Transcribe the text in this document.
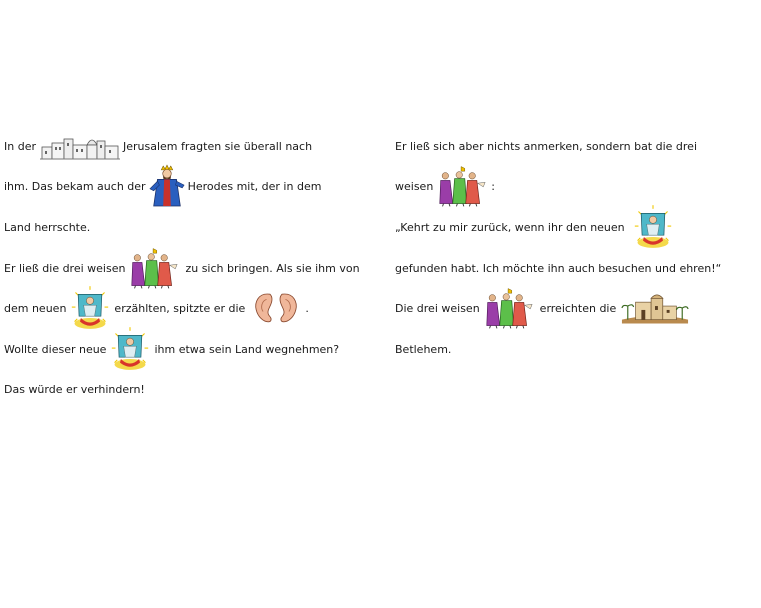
In der	Jerusalem fragten sie überall nach
ihm. Das bekam auch der	Herodes mit, der in dem
Land herrschte.
Er ließ die drei weisen	zu sich bringen. Als sie ihm von
dem neuen	erzählten, spitzte er die	.
Wollte dieser neue	ihm etwa sein Land wegnehmen?
Das würde er verhindern!
Er ließ sich aber nichts anmerken, sondern bat die drei
weisen	:
„Kehrt zu mir zurück, wenn ihr den neuen
gefunden habt. Ich möchte ihn auch besuchen und ehren!“
Die drei weisen	erreichten die
Betlehem.
